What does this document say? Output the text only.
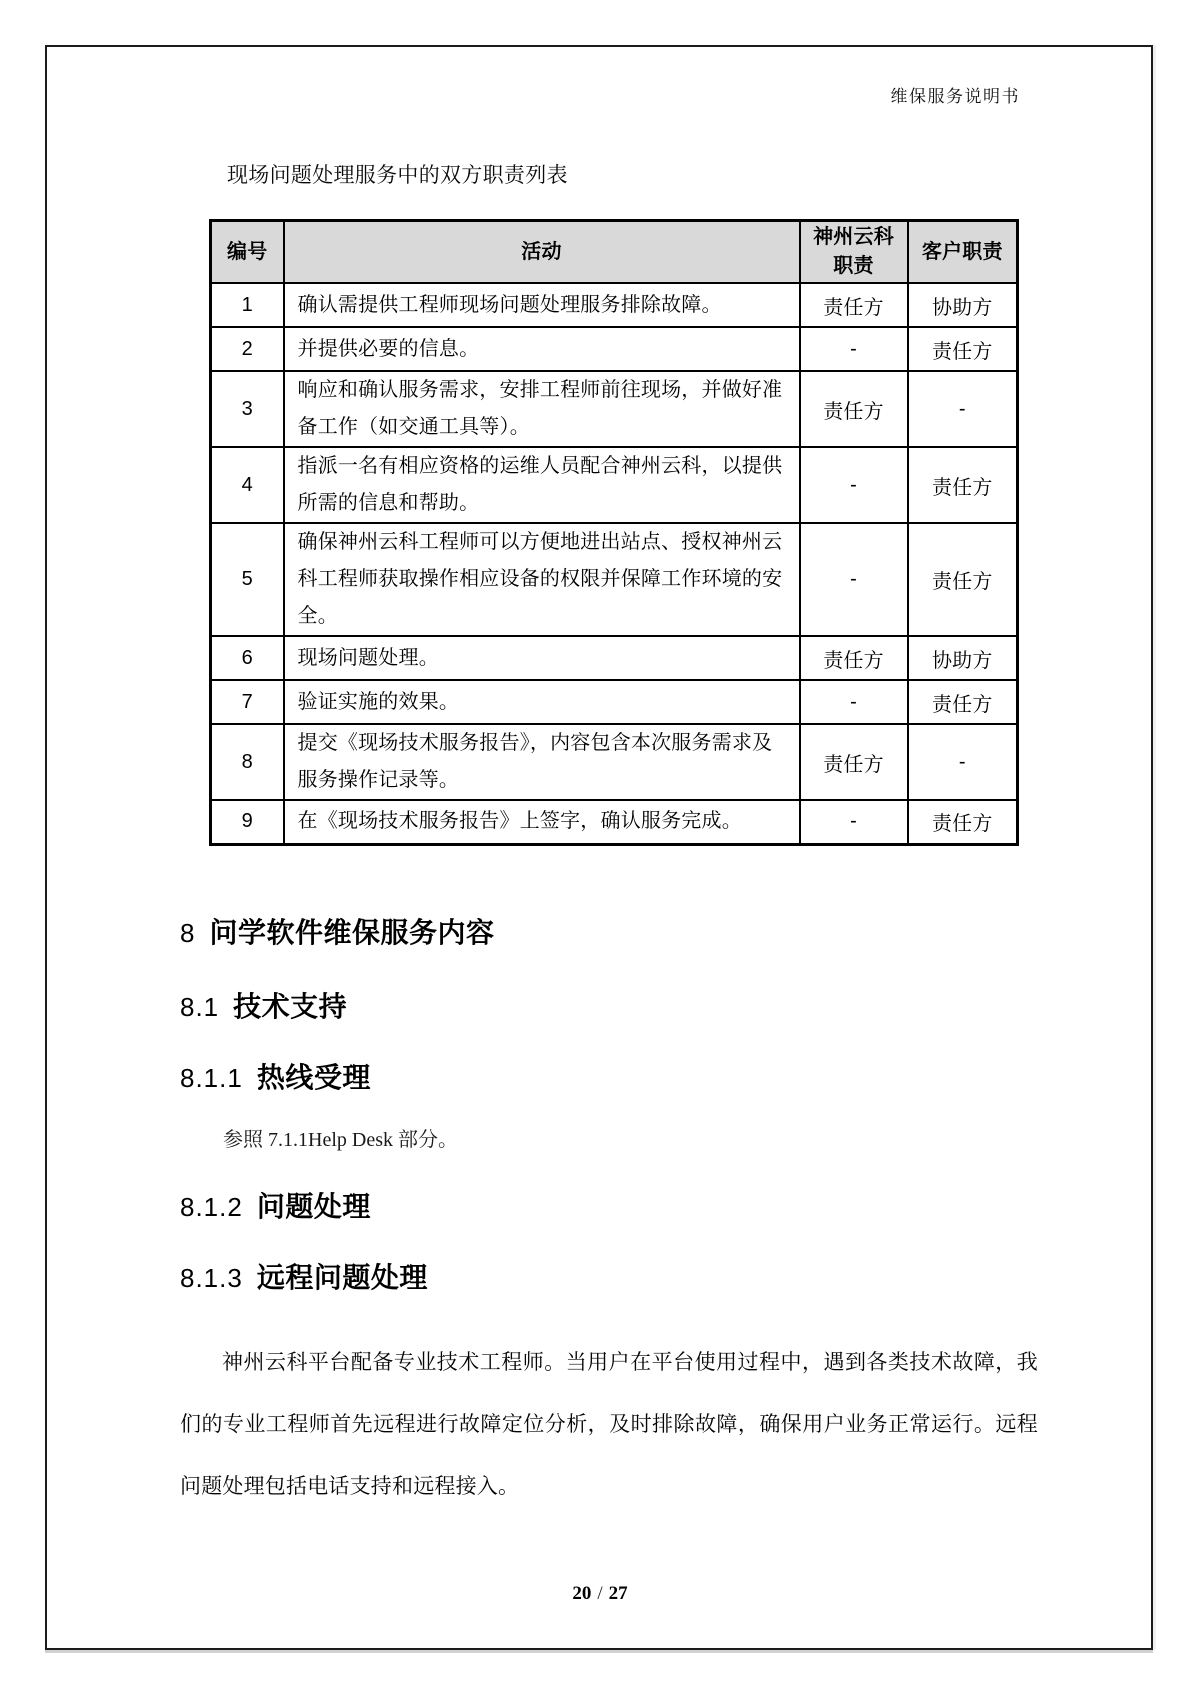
维保服务说明书
现场问题处理服务中的双方职责列表
编号	活动	神州云科职责	客户职责
1	确认需提供工程师现场问题处理服务排除故障。	责任方	协助方
2	并提供必要的信息。	-	责任方
3	响应和确认服务需求，安排工程师前往现场，并做好准备工作（如交通工具等）。	责任方	-
4	指派一名有相应资格的运维人员配合神州云科，以提供所需的信息和帮助。	-	责任方
5	确保神州云科工程师可以方便地进出站点、授权神州云科工程师获取操作相应设备的权限并保障工作环境的安全。	-	责任方
6	现场问题处理。	责任方	协助方
7	验证实施的效果。	-	责任方
8	提交《现场技术服务报告》，内容包含本次服务需求及服务操作记录等。	责任方	-
9	在《现场技术服务报告》上签字，确认服务完成。	-	责任方
8 问学软件维保服务内容
8.1 技术支持
8.1.1 热线受理
参照 7.1.1Help Desk 部分。
8.1.2 问题处理
8.1.3 远程问题处理
神州云科平台配备专业技术工程师。当用户在平台使用过程中，遇到各类技术故障，我们的专业工程师首先远程进行故障定位分析，及时排除故障，确保用户业务正常运行。远程问题处理包括电话支持和远程接入。
20 / 27
